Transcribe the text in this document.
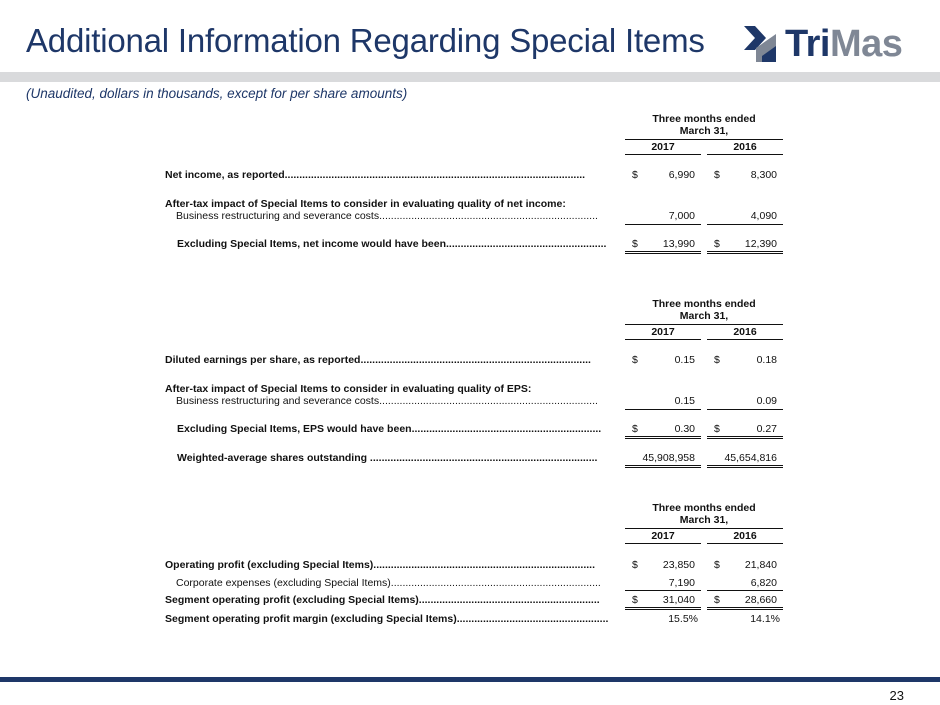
Additional Information Regarding Special Items TriMas
(Unaudited, dollars in thousands, except for per share amounts)
Three months ended
March 31,
2017	2016
Net income, as reported.......................................................................................................	$	6,990 $	8,300
After-tax impact of Special Items to consider in evaluating quality of net income:
Business restructuring and severance costs...........................................................................	7,000	4,090
Excluding Special Items, net income would have been.......................................................	$	13,990 $	12,390
Three months ended
March 31,
2017	2016
Diluted earnings per share, as reported...............................................................................	$	0.15 $	0.18
After-tax impact of Special Items to consider in evaluating quality of EPS:
Business restructuring and severance costs...........................................................................	0.15	0.09
Excluding Special Items, EPS would have been.................................................................	$	0.30 $	0.27
Weighted-average shares outstanding ..............................................................................	45,908,958	45,654,816
Three months ended
March 31,
2017	2016
Operating profit (excluding Special Items)............................................................................	$	23,850 $	21,840
Corporate expenses (excluding Special Items)........................................................................	7,190	6,820
Segment operating profit (excluding Special Items)..............................................................	$	31,040 $	28,660
Segment operating profit margin (excluding Special Items)....................................................	15.5%	14.1%
23
